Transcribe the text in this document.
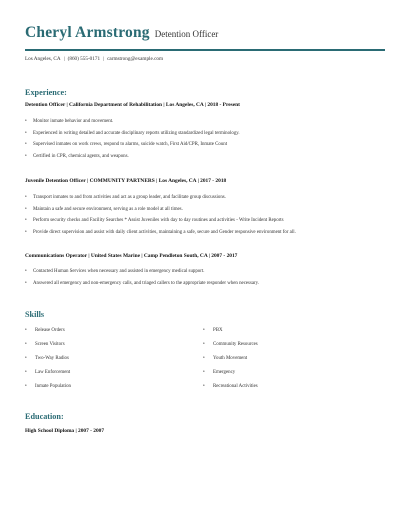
Cheryl Armstrong Detention Officer
Los Angeles, CA | (860) 555-0171 | carmstrong@example.com
Experience:
Detention Officer | California Department of Rehabilitation | Los Angeles, CA | 2018 - Present
• Monitor inmate behavior and movement.
• Experienced in writing detailed and accurate disciplinary reports utilizing standardized legal terminology.
• Supervised inmates on work crews, respond to alarms, suicide watch, First Aid/CPR, Inmate Count
• Certified in CPR, chemical agents, and weapons.
Juvenile Detention Officer | COMMUNITY PARTNERS | Los Angeles, CA | 2017 - 2018
• Transport inmates to and from activities and act as a group leader, and facilitate group discussions.
• Maintain a safe and secure environment, serving as a role model at all times.
• Perform security checks and Facility Searches * Assist Juveniles with day to day routines and activities - Write Incident Reports
• Provide direct supervision and assist with daily client activities, maintaining a safe, secure and Gender responsive environment for all.
Communications Operator | United States Marine | Camp Pendleton South, CA | 2007 - 2017
• Contacted Human Services when necessary and assisted in emergency medical support.
• Answered all emergency and non-emergency calls, and triaged callers to the appropriate responder when necessary.
Skills
• Release Orders
• Screen Visitors
• Two-Way Radios
• Law Enforcement
• Inmate Population
• PBX
• Community Resources
• Youth Movement
• Emergency
• Recreational Activities
Education:
High School Diploma | 2007 - 2007
